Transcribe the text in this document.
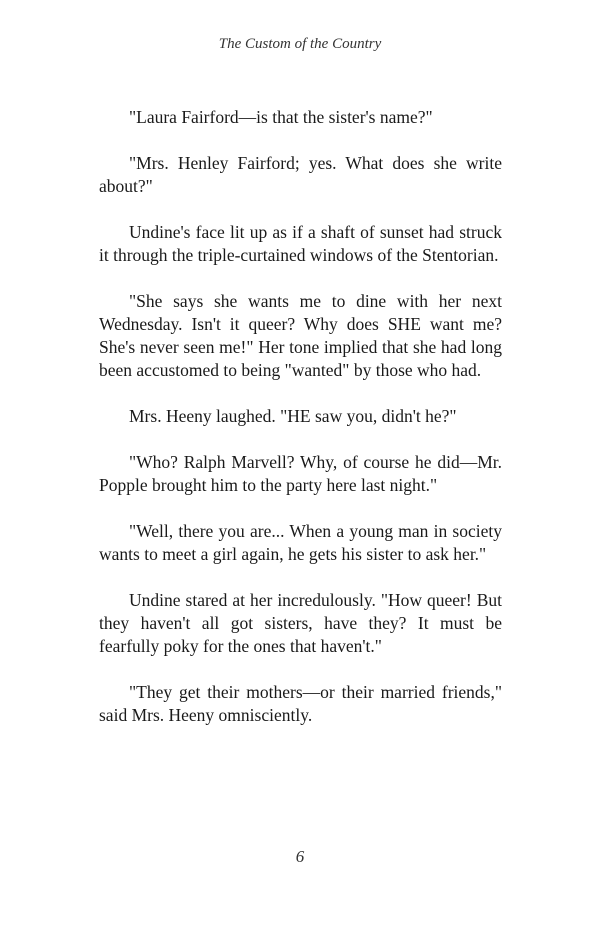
The Custom of the Country

"Laura Fairford—is that the sister's name?"

"Mrs. Henley Fairford; yes. What does she write about?"

Undine's face lit up as if a shaft of sunset had struck it through the triple-curtained windows of the Stentorian.

"She says she wants me to dine with her next Wednesday. Isn't it queer? Why does SHE want me? She's never seen me!" Her tone implied that she had long been accustomed to being "wanted" by those who had.

Mrs. Heeny laughed. "HE saw you, didn't he?"

"Who? Ralph Marvell? Why, of course he did—Mr. Popple brought him to the party here last night."

"Well, there you are... When a young man in society wants to meet a girl again, he gets his sister to ask her."

Undine stared at her incredulously. "How queer! But they haven't all got sisters, have they? It must be fearfully poky for the ones that haven't."

"They get their mothers—or their married friends," said Mrs. Heeny omnisciently.

6
